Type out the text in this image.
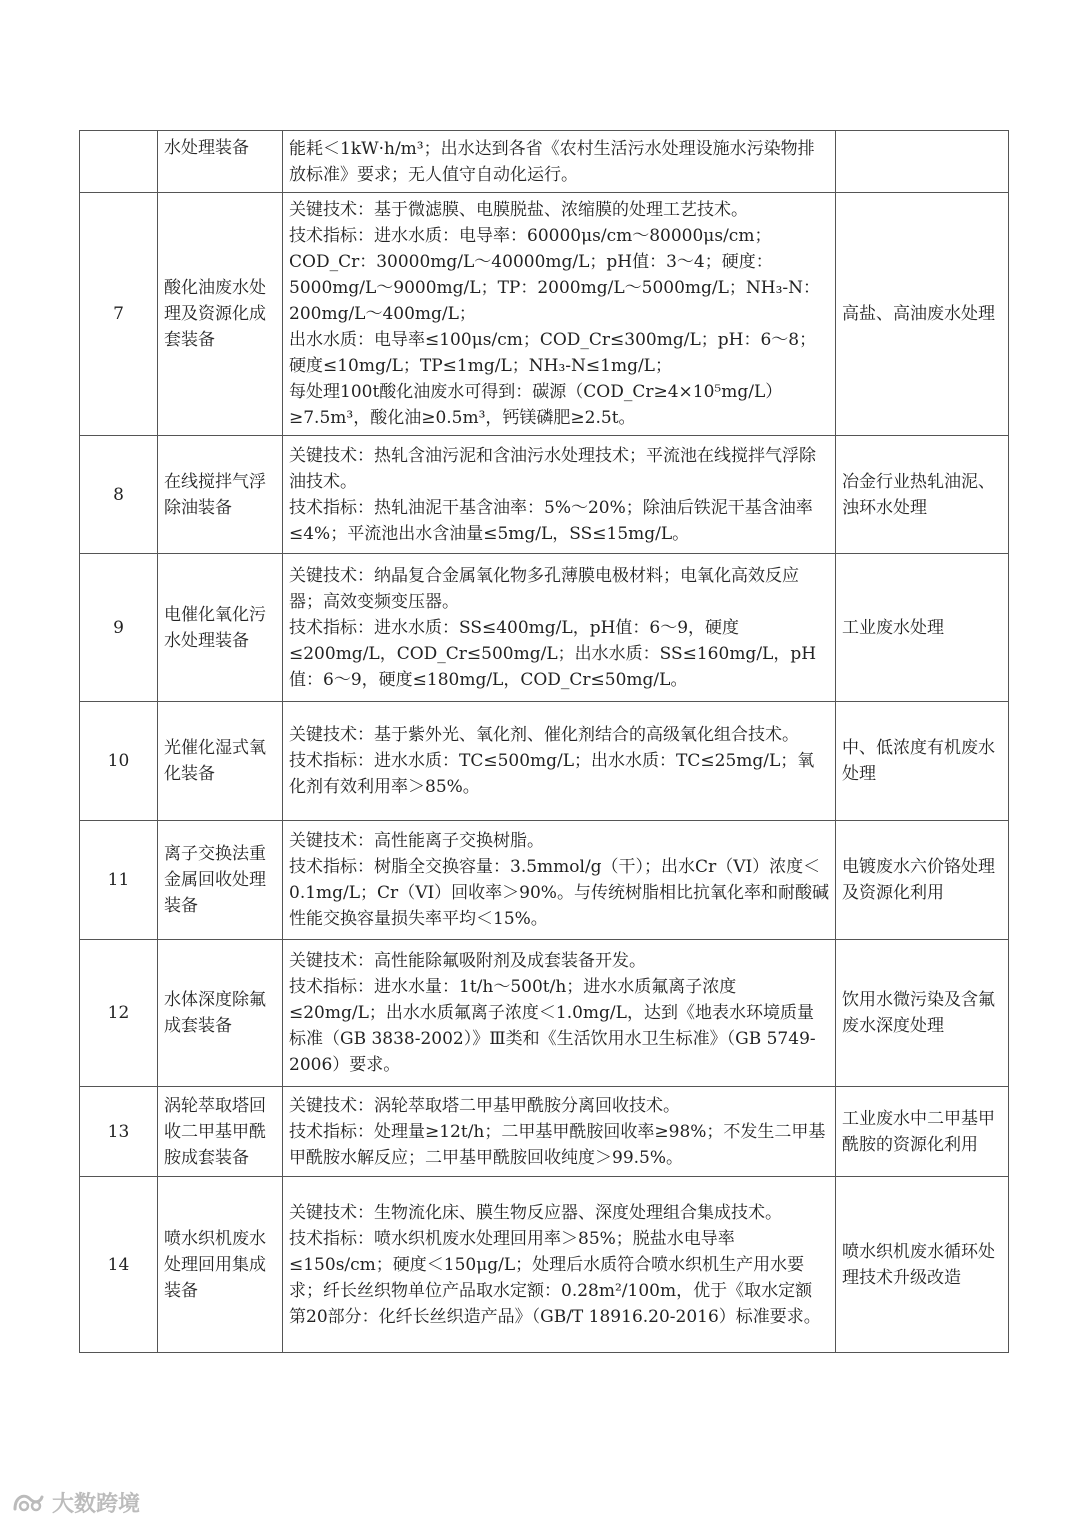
	水处理装备	能耗＜1kW·h/m³；出水达到各省《农村生活污水处理设施水污染物排放标准》要求；无人值守自动化运行。	

7	酸化油废水处理及资源化成套装备	关键技术：基于微滤膜、电膜脱盐、浓缩膜的处理工艺技术。

技术指标：进水水质：电导率：60000μs/cm～80000μs/cm；COD_Cr：30000mg/L～40000mg/L；pH值：3～4；硬度：5000mg/L～9000mg/L；TP：2000mg/L～5000mg/L；NH₃-N：200mg/L～400mg/L；

出水水质：电导率≤100μs/cm；COD_Cr≤300mg/L；pH：6～8；硬度≤10mg/L；TP≤1mg/L；NH₃-N≤1mg/L；

每处理100t酸化油废水可得到：碳源（COD_Cr≥4×10⁵mg/L）≥7.5m³，酸化油≥0.5m³，钙镁磷肥≥2.5t。	高盐、高油废水处理
8	在线搅拌气浮除油装备	关键技术：热轧含油污泥和含油污水处理技术；平流池在线搅拌气浮除油技术。

技术指标：热轧油泥干基含油率：5%～20%；除油后铁泥干基含油率≤4%；平流池出水含油量≤5mg/L，SS≤15mg/L。	冶金行业热轧油泥、浊环水处理
9	电催化氧化污水处理装备	关键技术：纳晶复合金属氧化物多孔薄膜电极材料；电氧化高效反应器；高效变频变压器。

技术指标：进水水质：SS≤400mg/L，pH值：6～9，硬度≤200mg/L，COD_Cr≤500mg/L；出水水质：SS≤160mg/L，pH值：6～9，硬度≤180mg/L，COD_Cr≤50mg/L。	工业废水处理
10	光催化湿式氧化装备	关键技术：基于紫外光、氧化剂、催化剂结合的高级氧化组合技术。

技术指标：进水水质：TC≤500mg/L；出水水质：TC≤25mg/L；氧化剂有效利用率＞85%。	中、低浓度有机废水处理
11	离子交换法重金属回收处理装备	关键技术：高性能离子交换树脂。

技术指标：树脂全交换容量：3.5mmol/g（干）；出水Cr（VI）浓度＜0.1mg/L；Cr（VI）回收率＞90%。与传统树脂相比抗氧化率和耐酸碱性能交换容量损失率平均＜15%。	电镀废水六价铬处理及资源化利用
12	水体深度除氟成套装备	关键技术：高性能除氟吸附剂及成套装备开发。

技术指标：进水水量：1t/h～500t/h；进水水质氟离子浓度≤20mg/L；出水水质氟离子浓度＜1.0mg/L，达到《地表水环境质量标准（GB 3838-2002）》Ⅲ类和《生活饮用水卫生标准》（GB 5749-2006）要求。	饮用水微污染及含氟废水深度处理
13	涡轮萃取塔回收二甲基甲酰胺成套装备	关键技术：涡轮萃取塔二甲基甲酰胺分离回收技术。

技术指标：处理量≥12t/h；二甲基甲酰胺回收率≥98%；不发生二甲基甲酰胺水解反应；二甲基甲酰胺回收纯度＞99.5%。	工业废水中二甲基甲酰胺的资源化利用
14	喷水织机废水处理回用集成装备	关键技术：生物流化床、膜生物反应器、深度处理组合集成技术。

技术指标：喷水织机废水处理回用率＞85%；脱盐水电导率≤150s/cm；硬度＜150μg/L；处理后水质符合喷水织机生产用水要求；纤长丝织物单位产品取水定额：0.28m²/100m，优于《取水定额第20部分：化纤长丝织造产品》（GB/T 18916.20-2016）标准要求。	喷水织机废水循环处理技术升级改造
大数跨境
